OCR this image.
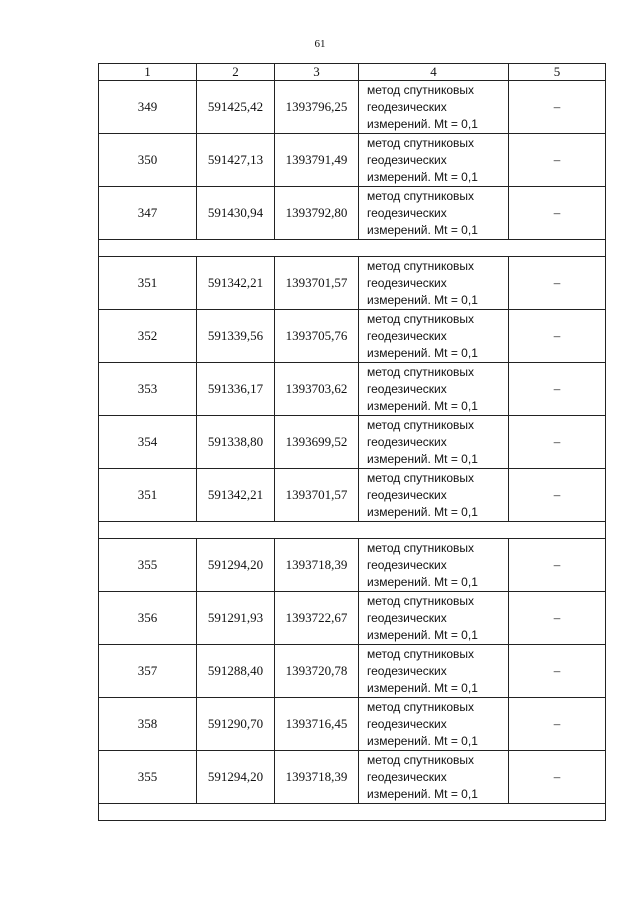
61
1	2	3	4	5
349	591425,42	1393796,25	метод спутниковых
геодезических
измерений. Mt = 0,1	–
350	591427,13	1393791,49	метод спутниковых
геодезических
измерений. Mt = 0,1	–
347	591430,94	1393792,80	метод спутниковых
геодезических
измерений. Mt = 0,1	–

351	591342,21	1393701,57	метод спутниковых
геодезических
измерений. Mt = 0,1	–
352	591339,56	1393705,76	метод спутниковых
геодезических
измерений. Mt = 0,1	–
353	591336,17	1393703,62	метод спутниковых
геодезических
измерений. Mt = 0,1	–
354	591338,80	1393699,52	метод спутниковых
геодезических
измерений. Mt = 0,1	–
351	591342,21	1393701,57	метод спутниковых
геодезических
измерений. Mt = 0,1	–

355	591294,20	1393718,39	метод спутниковых
геодезических
измерений. Mt = 0,1	–
356	591291,93	1393722,67	метод спутниковых
геодезических
измерений. Mt = 0,1	–
357	591288,40	1393720,78	метод спутниковых
геодезических
измерений. Mt = 0,1	–
358	591290,70	1393716,45	метод спутниковых
геодезических
измерений. Mt = 0,1	–
355	591294,20	1393718,39	метод спутниковых
геодезических
измерений. Mt = 0,1	–
